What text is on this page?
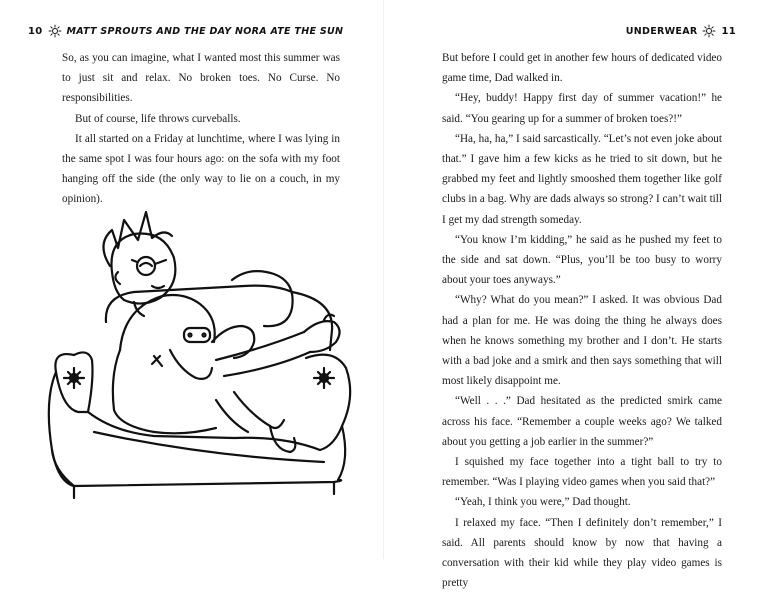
10	MATT SPROUTS AND THE DAY NORA ATE THE SUN

So, as you can imagine, what I wanted most this summer was to just sit and relax. No broken toes. No Curse. No responsibilities.

But of course, life throws curveballs.

It all started on a Friday at lunchtime, where I was lying in the same spot I was four hours ago: on the sofa with my foot hanging off the side (the only way to lie on a couch, in my opinion).

UNDERWEAR 11

But before I could get in another few hours of dedicated video game time, Dad walked in.

“Hey, buddy! Happy first day of summer vacation!” he said. “You gearing up for a summer of broken toes?!”

“Ha, ha, ha,” I said sarcastically. “Let’s not even joke about that.” I gave him a few kicks as he tried to sit down, but he grabbed my feet and lightly smooshed them together like golf clubs in a bag. Why are dads always so strong? I can’t wait till I get my dad strength someday.

“You know I’m kidding,” he said as he pushed my feet to the side and sat down. “Plus, you’ll be too busy to worry about your toes anyways.”

“Why? What do you mean?” I asked. It was obvious Dad had a plan for me. He was doing the thing he always does when he knows something my brother and I don’t. He starts with a bad joke and a smirk and then says something that will most likely disappoint me.

“Well . . .” Dad hesitated as the predicted smirk came across his face. “Remember a couple weeks ago? We talked about you getting a job earlier in the summer?”

I squished my face together into a tight ball to try to remember. “Was I playing video games when you said that?”

“Yeah, I think you were,” Dad thought.

I relaxed my face. “Then I definitely don’t remember,” I said. All parents should know by now that having a conversation with their kid while they play video games is pretty
